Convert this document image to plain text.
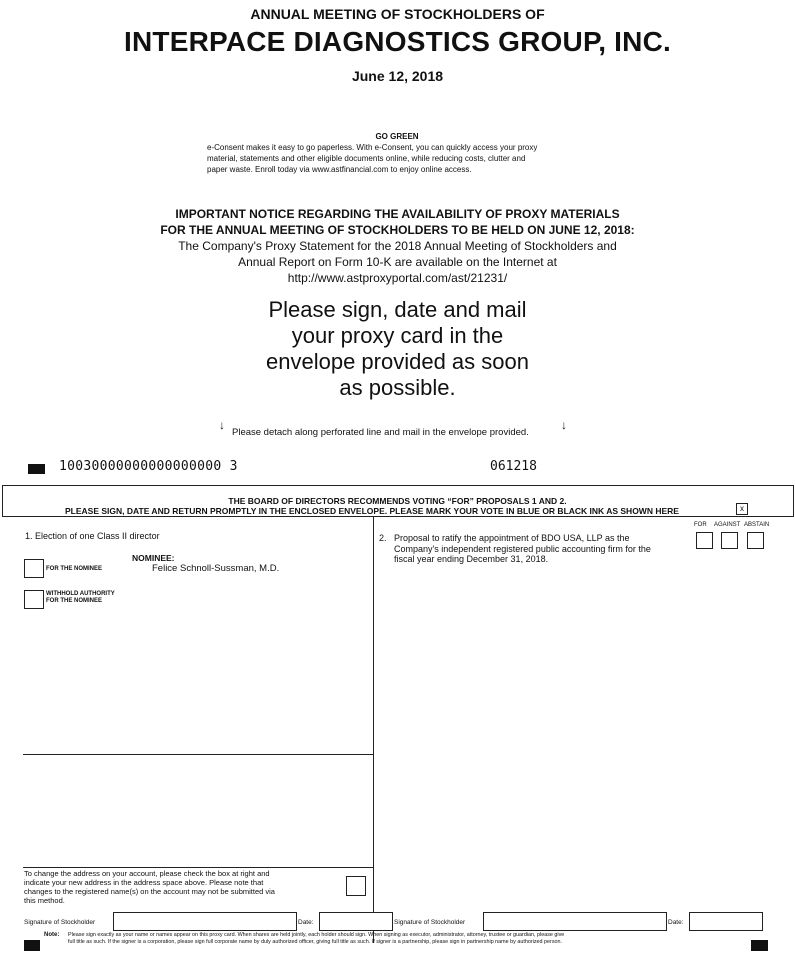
ANNUAL MEETING OF STOCKHOLDERS OF
INTERPACE DIAGNOSTICS GROUP, INC.
June 12, 2018
GO GREEN
e-Consent makes it easy to go paperless. With e-Consent, you can quickly access your proxy
material, statements and other eligible documents online, while reducing costs, clutter and
paper waste. Enroll today via www.astfinancial.com to enjoy online access.
IMPORTANT NOTICE REGARDING THE AVAILABILITY OF PROXY MATERIALS
FOR THE ANNUAL MEETING OF STOCKHOLDERS TO BE HELD ON JUNE 12, 2018:
The Company's Proxy Statement for the 2018 Annual Meeting of Stockholders and
Annual Report on Form 10-K are available on the Internet at
http://www.astproxyportal.com/ast/21231/
Please sign, date and mail
your proxy card in the
envelope provided as soon
as possible.
↓
Please detach along perforated line and mail in the envelope provided.
↓
10030000000000000000 3	061218
THE BOARD OF DIRECTORS RECOMMENDS VOTING “FOR” PROPOSALS 1 AND 2.
PLEASE SIGN, DATE AND RETURN PROMPTLY IN THE ENCLOSED ENVELOPE. PLEASE MARK YOUR VOTE IN BLUE OR BLACK INK AS SHOWN HERE	x
1. Election of one Class II director
NOMINEE:
Felice Schnoll-Sussman, M.D.
FOR THE NOMINEE
WITHHOLD AUTHORITY
FOR THE NOMINEE
FOR AGAINST ABSTAIN
2. Proposal to ratify the appointment of BDO USA, LLP as the
Company's independent registered public accounting firm for the
fiscal year ending December 31, 2018.
To change the address on your account, please check the box at right and
indicate your new address in the address space above. Please note that
changes to the registered name(s) on the account may not be submitted via
this method.
Signature of Stockholder	Date:	Signature of Stockholder	Date:
Note: Please sign exactly as your name or names appear on this proxy card. When shares are held jointly, each holder should sign. When signing as executor, administrator, attorney, trustee or guardian, please give
full title as such. If the signer is a corporation, please sign full corporate name by duly authorized officer, giving full title as such. If signer is a partnership, please sign in partnership name by authorized person.
